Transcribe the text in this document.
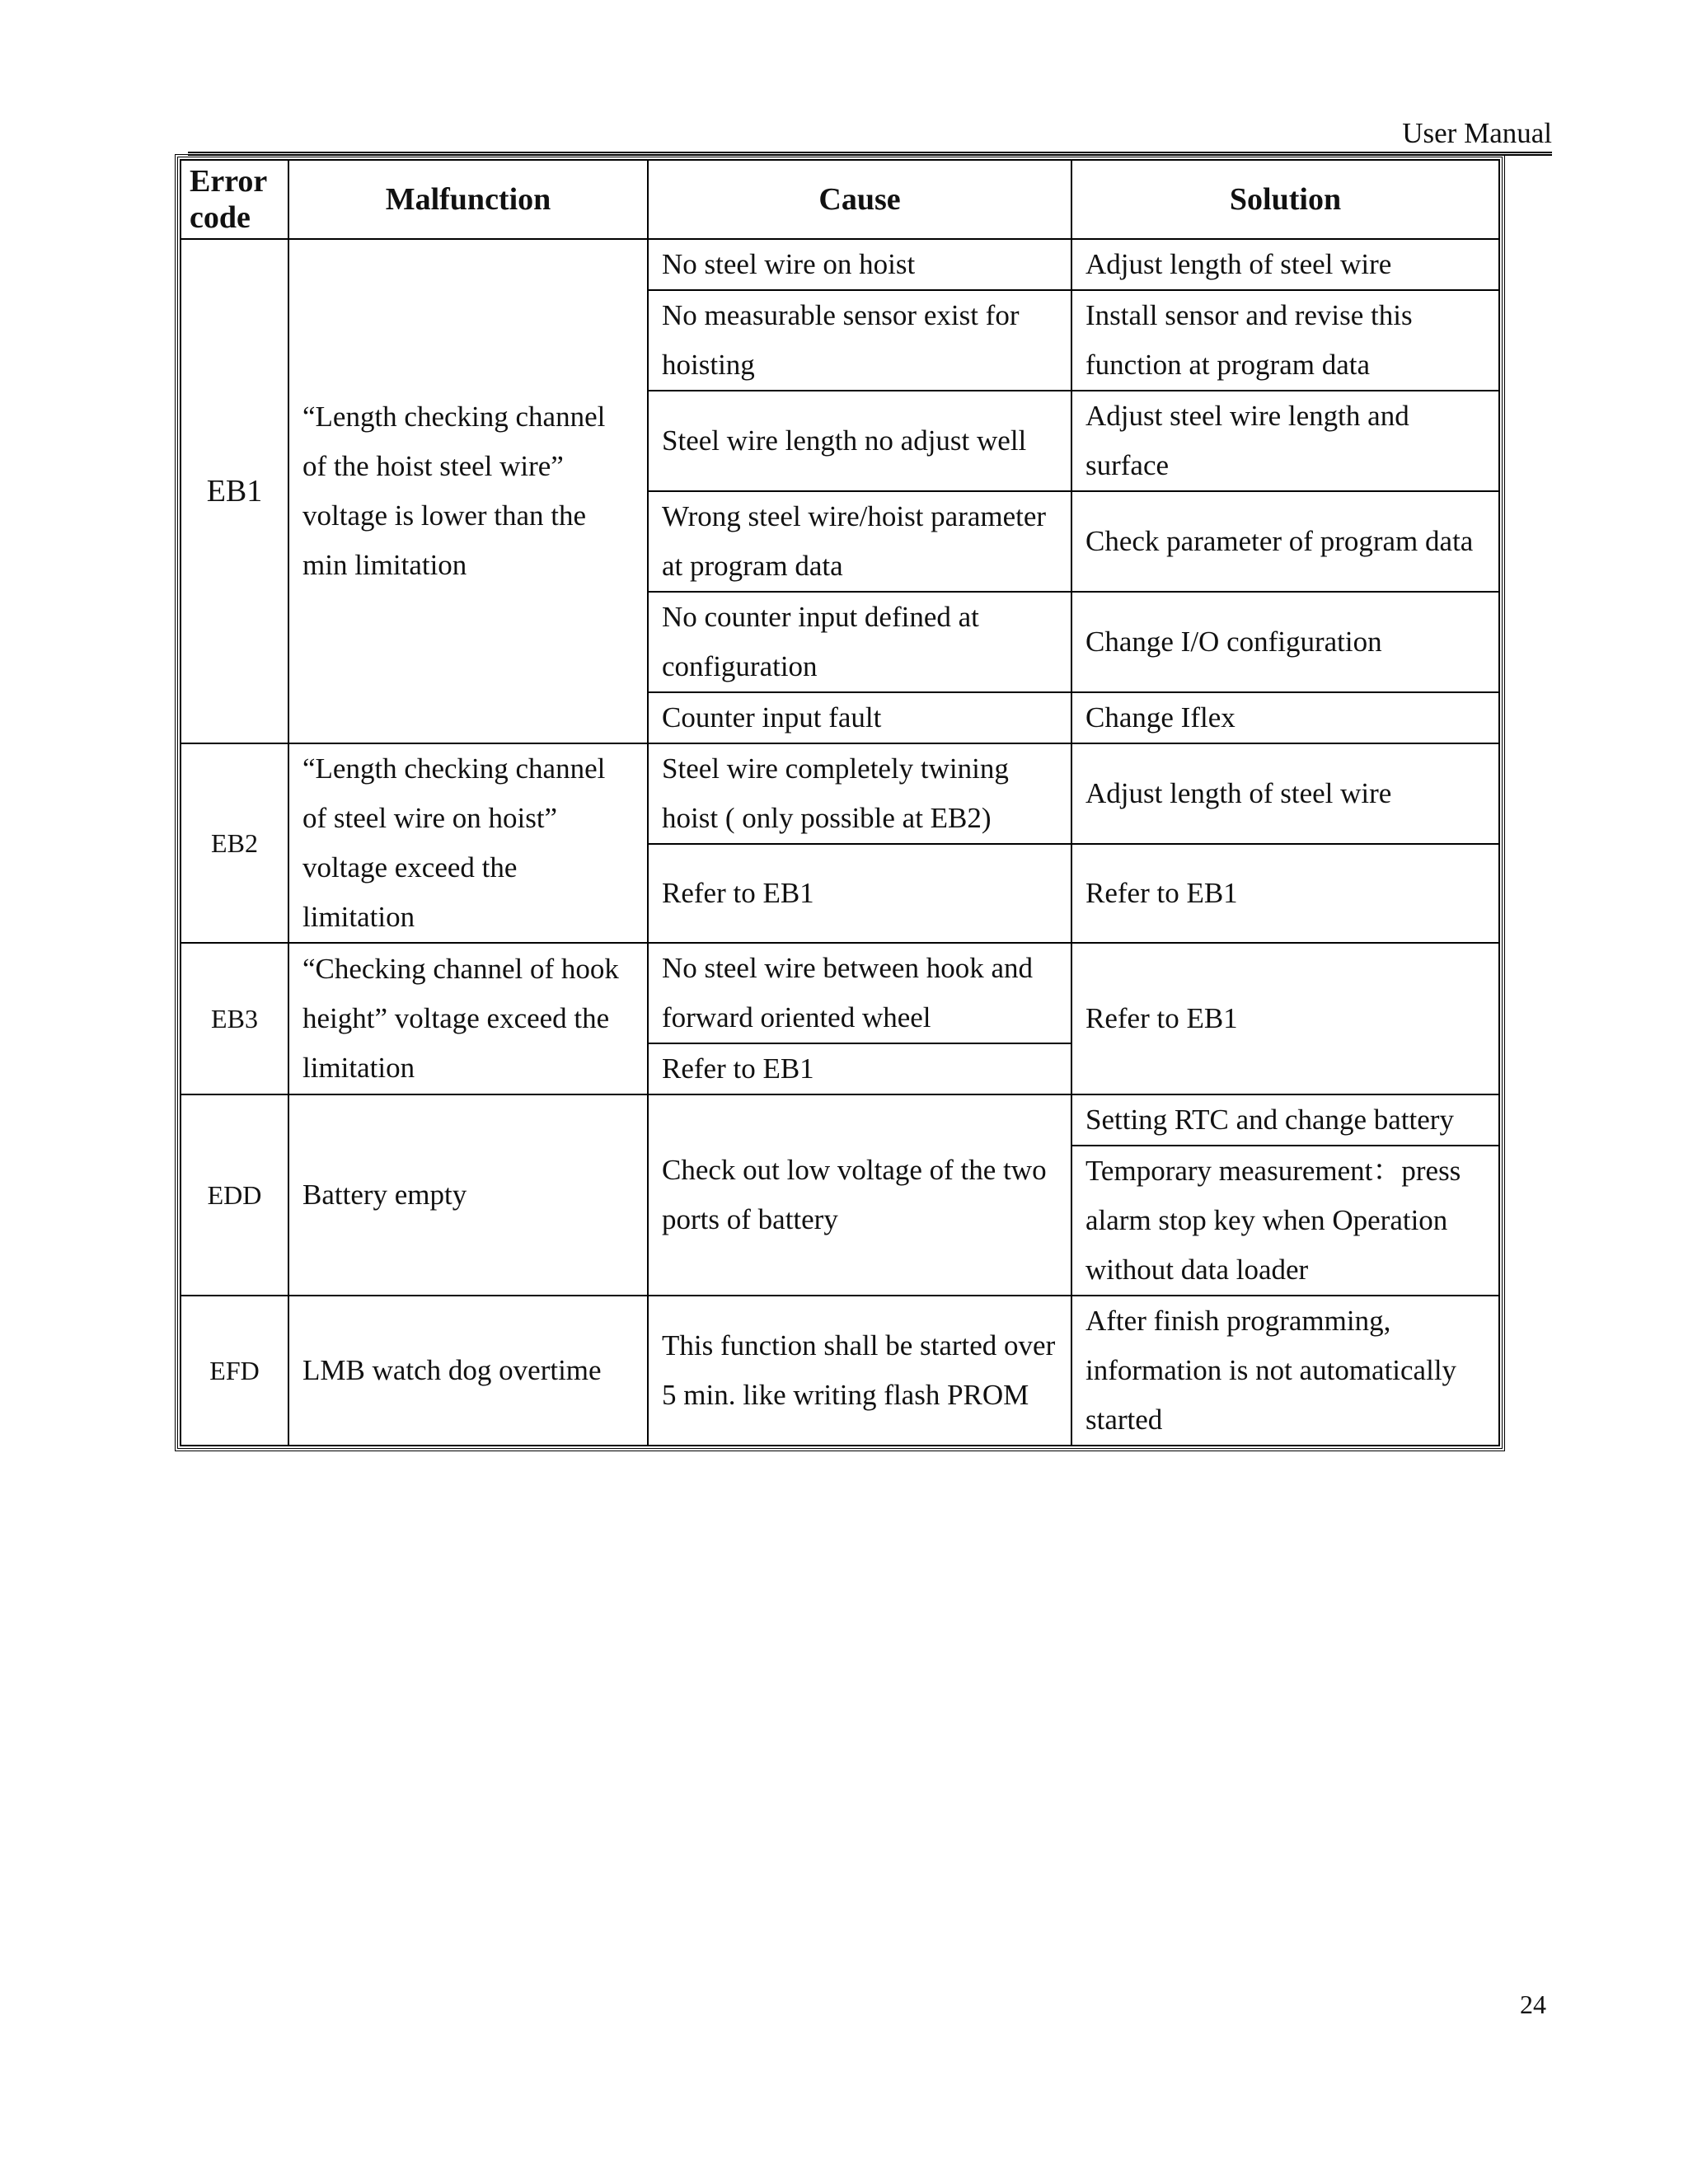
User Manual
Error code	Malfunction	Cause	Solution
EB1	“Length checking channel of the hoist steel wire” voltage is lower than the min limitation	No steel wire on hoist	Adjust length of steel wire
		No measurable sensor exist for hoisting	Install sensor and revise this function at program data
		Steel wire length no adjust well	Adjust steel wire length and surface
		Wrong steel wire/hoist parameter at program data	Check parameter of program data
		No counter input defined at configuration	Change I/O configuration
		Counter input fault	Change Iflex
EB2	“Length checking channel of steel wire on hoist” voltage exceed the limitation	Steel wire completely twining hoist ( only possible at EB2)	Adjust length of steel wire
		Refer to EB1	Refer to EB1
EB3	“Checking channel of hook height” voltage exceed the limitation	No steel wire between hook and forward oriented wheel	Refer to EB1
		Refer to EB1	
EDD	Battery empty	Check out low voltage of the two ports of battery	Setting RTC and change battery
			Temporary measurement：press alarm stop key when Operation without data loader
EFD	LMB watch dog overtime	This function shall be started over 5 min. like writing flash PROM	After finish programming, information is not automatically started
24
